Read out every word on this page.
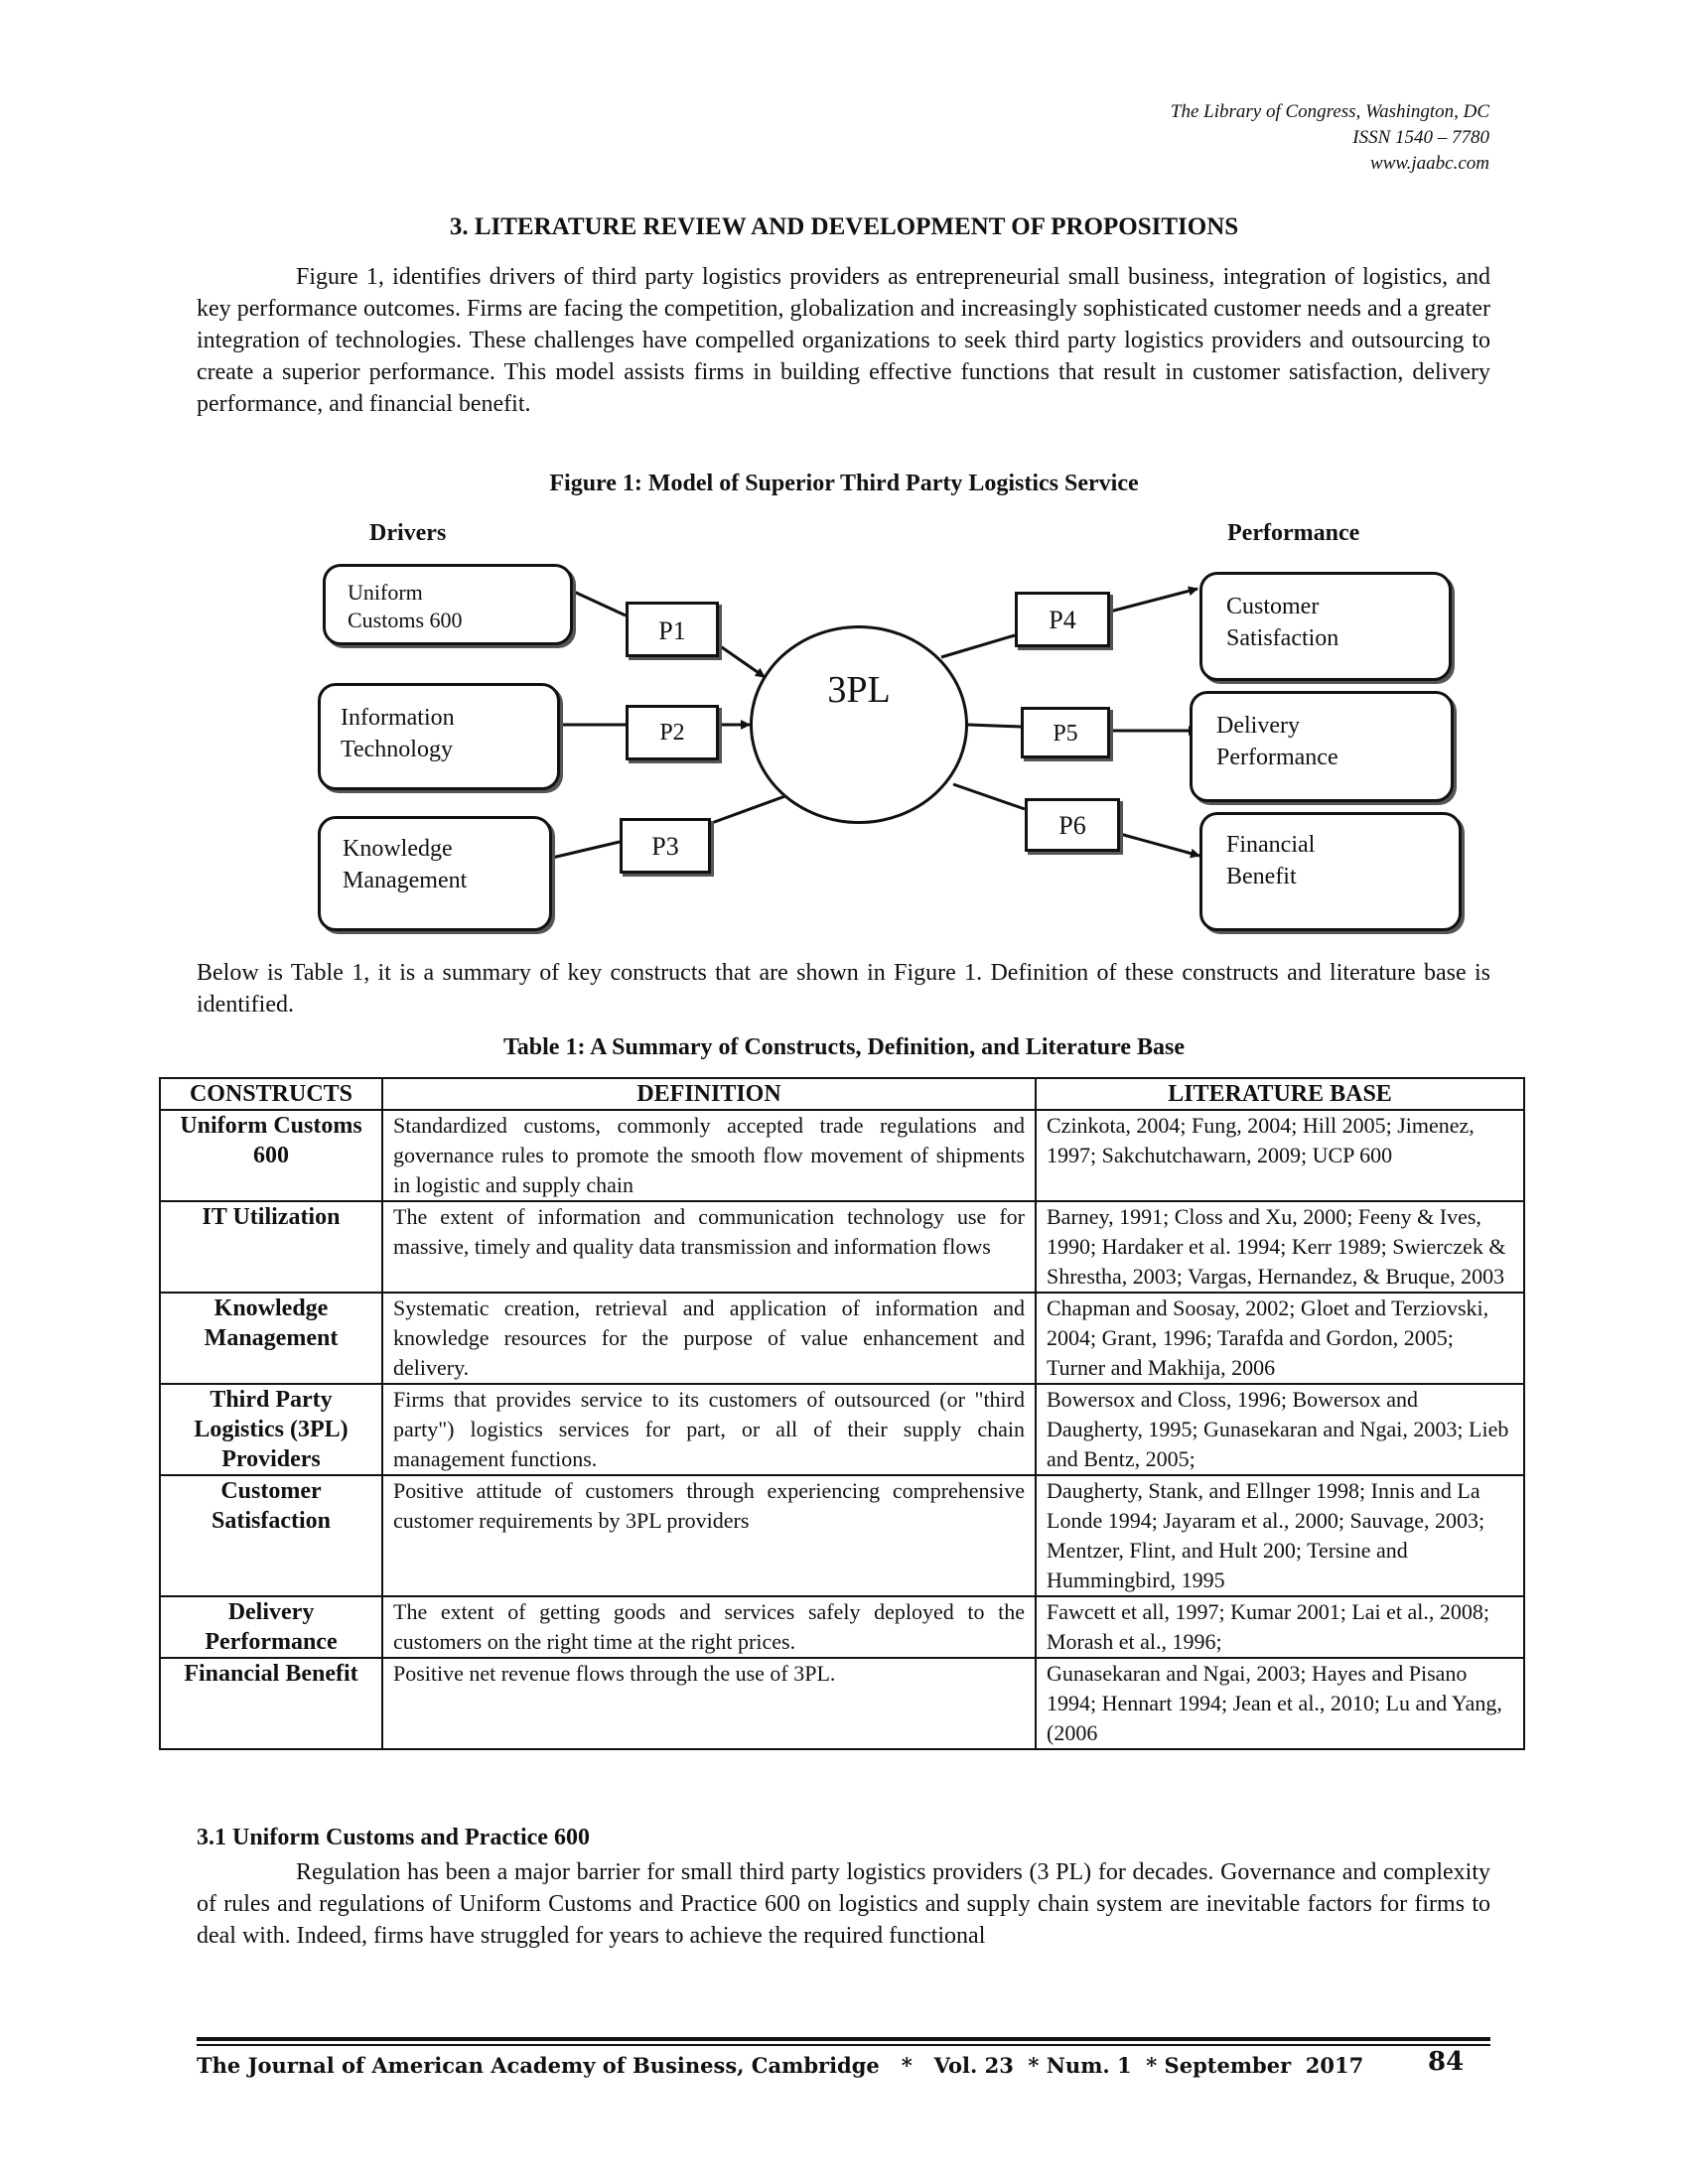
The Library of Congress, Washington, DC
ISSN 1540 – 7780
www.jaabc.com
3. LITERATURE REVIEW AND DEVELOPMENT OF PROPOSITIONS

Figure 1, identifies drivers of third party logistics providers as entrepreneurial small business, integration of logistics, and key performance outcomes. Firms are facing the competition, globalization and increasingly sophisticated customer needs and a greater integration of technologies. These challenges have compelled organizations to seek third party logistics providers and outsourcing to create a superior performance. This model assists firms in building effective functions that result in customer satisfaction, delivery performance, and financial benefit.

Figure 1: Model of Superior Third Party Logistics Service
Drivers	Performance
Uniform
Customs 600
Information
Technology
Knowledge
Management
P1
P2
P3
P4
P5
P6
3PL
Customer
Satisfaction
Delivery
Performance
Financial
Benefit

Below is Table 1, it is a summary of key constructs that are shown in Figure 1. Definition of these constructs and literature base is identified.

Table 1: A Summary of Constructs, Definition, and Literature Base
CONSTRUCTS	DEFINITION	LITERATURE BASE
Uniform Customs 600	Standardized customs, commonly accepted trade regulations and governance rules to promote the smooth flow movement of shipments in logistic and supply chain	Czinkota, 2004; Fung, 2004; Hill 2005; Jimenez, 1997; Sakchutchawarn, 2009; UCP 600
IT Utilization	The extent of information and communication technology use for massive, timely and quality data transmission and information flows	Barney, 1991; Closs and Xu, 2000; Feeny & Ives, 1990; Hardaker et al. 1994; Kerr 1989; Swierczek & Shrestha, 2003; Vargas, Hernandez, & Bruque, 2003
Knowledge Management	Systematic creation, retrieval and application of information and knowledge resources for the purpose of value enhancement and delivery.	Chapman and Soosay, 2002; Gloet and Terziovski, 2004; Grant, 1996; Tarafda and Gordon, 2005; Turner and Makhija, 2006
Third Party Logistics (3PL) Providers	Firms that provides service to its customers of outsourced (or "third party") logistics services for part, or all of their supply chain management functions.	Bowersox and Closs, 1996; Bowersox and Daugherty, 1995; Gunasekaran and Ngai, 2003; Lieb and Bentz, 2005;
Customer Satisfaction	Positive attitude of customers through experiencing comprehensive customer requirements by 3PL providers	Daugherty, Stank, and Ellnger 1998; Innis and La Londe 1994; Jayaram et al., 2000; Sauvage, 2003; Mentzer, Flint, and Hult 200; Tersine and Hummingbird, 1995
Delivery Performance	The extent of getting goods and services safely deployed to the customers on the right time at the right prices.	Fawcett et all, 1997; Kumar 2001; Lai et al., 2008; Morash et al., 1996;
Financial Benefit	Positive net revenue flows through the use of 3PL.	Gunasekaran and Ngai, 2003; Hayes and Pisano 1994; Hennart 1994; Jean et al., 2010; Lu and Yang, (2006
3.1 Uniform Customs and Practice 600

Regulation has been a major barrier for small third party logistics providers (3 PL) for decades. Governance and complexity of rules and regulations of Uniform Customs and Practice 600 on logistics and supply chain system are inevitable factors for firms to deal with. Indeed, firms have struggled for years to achieve the required functional

The Journal of American Academy of Business, Cambridge   *   Vol. 23  * Num. 1  * September  2017 84
